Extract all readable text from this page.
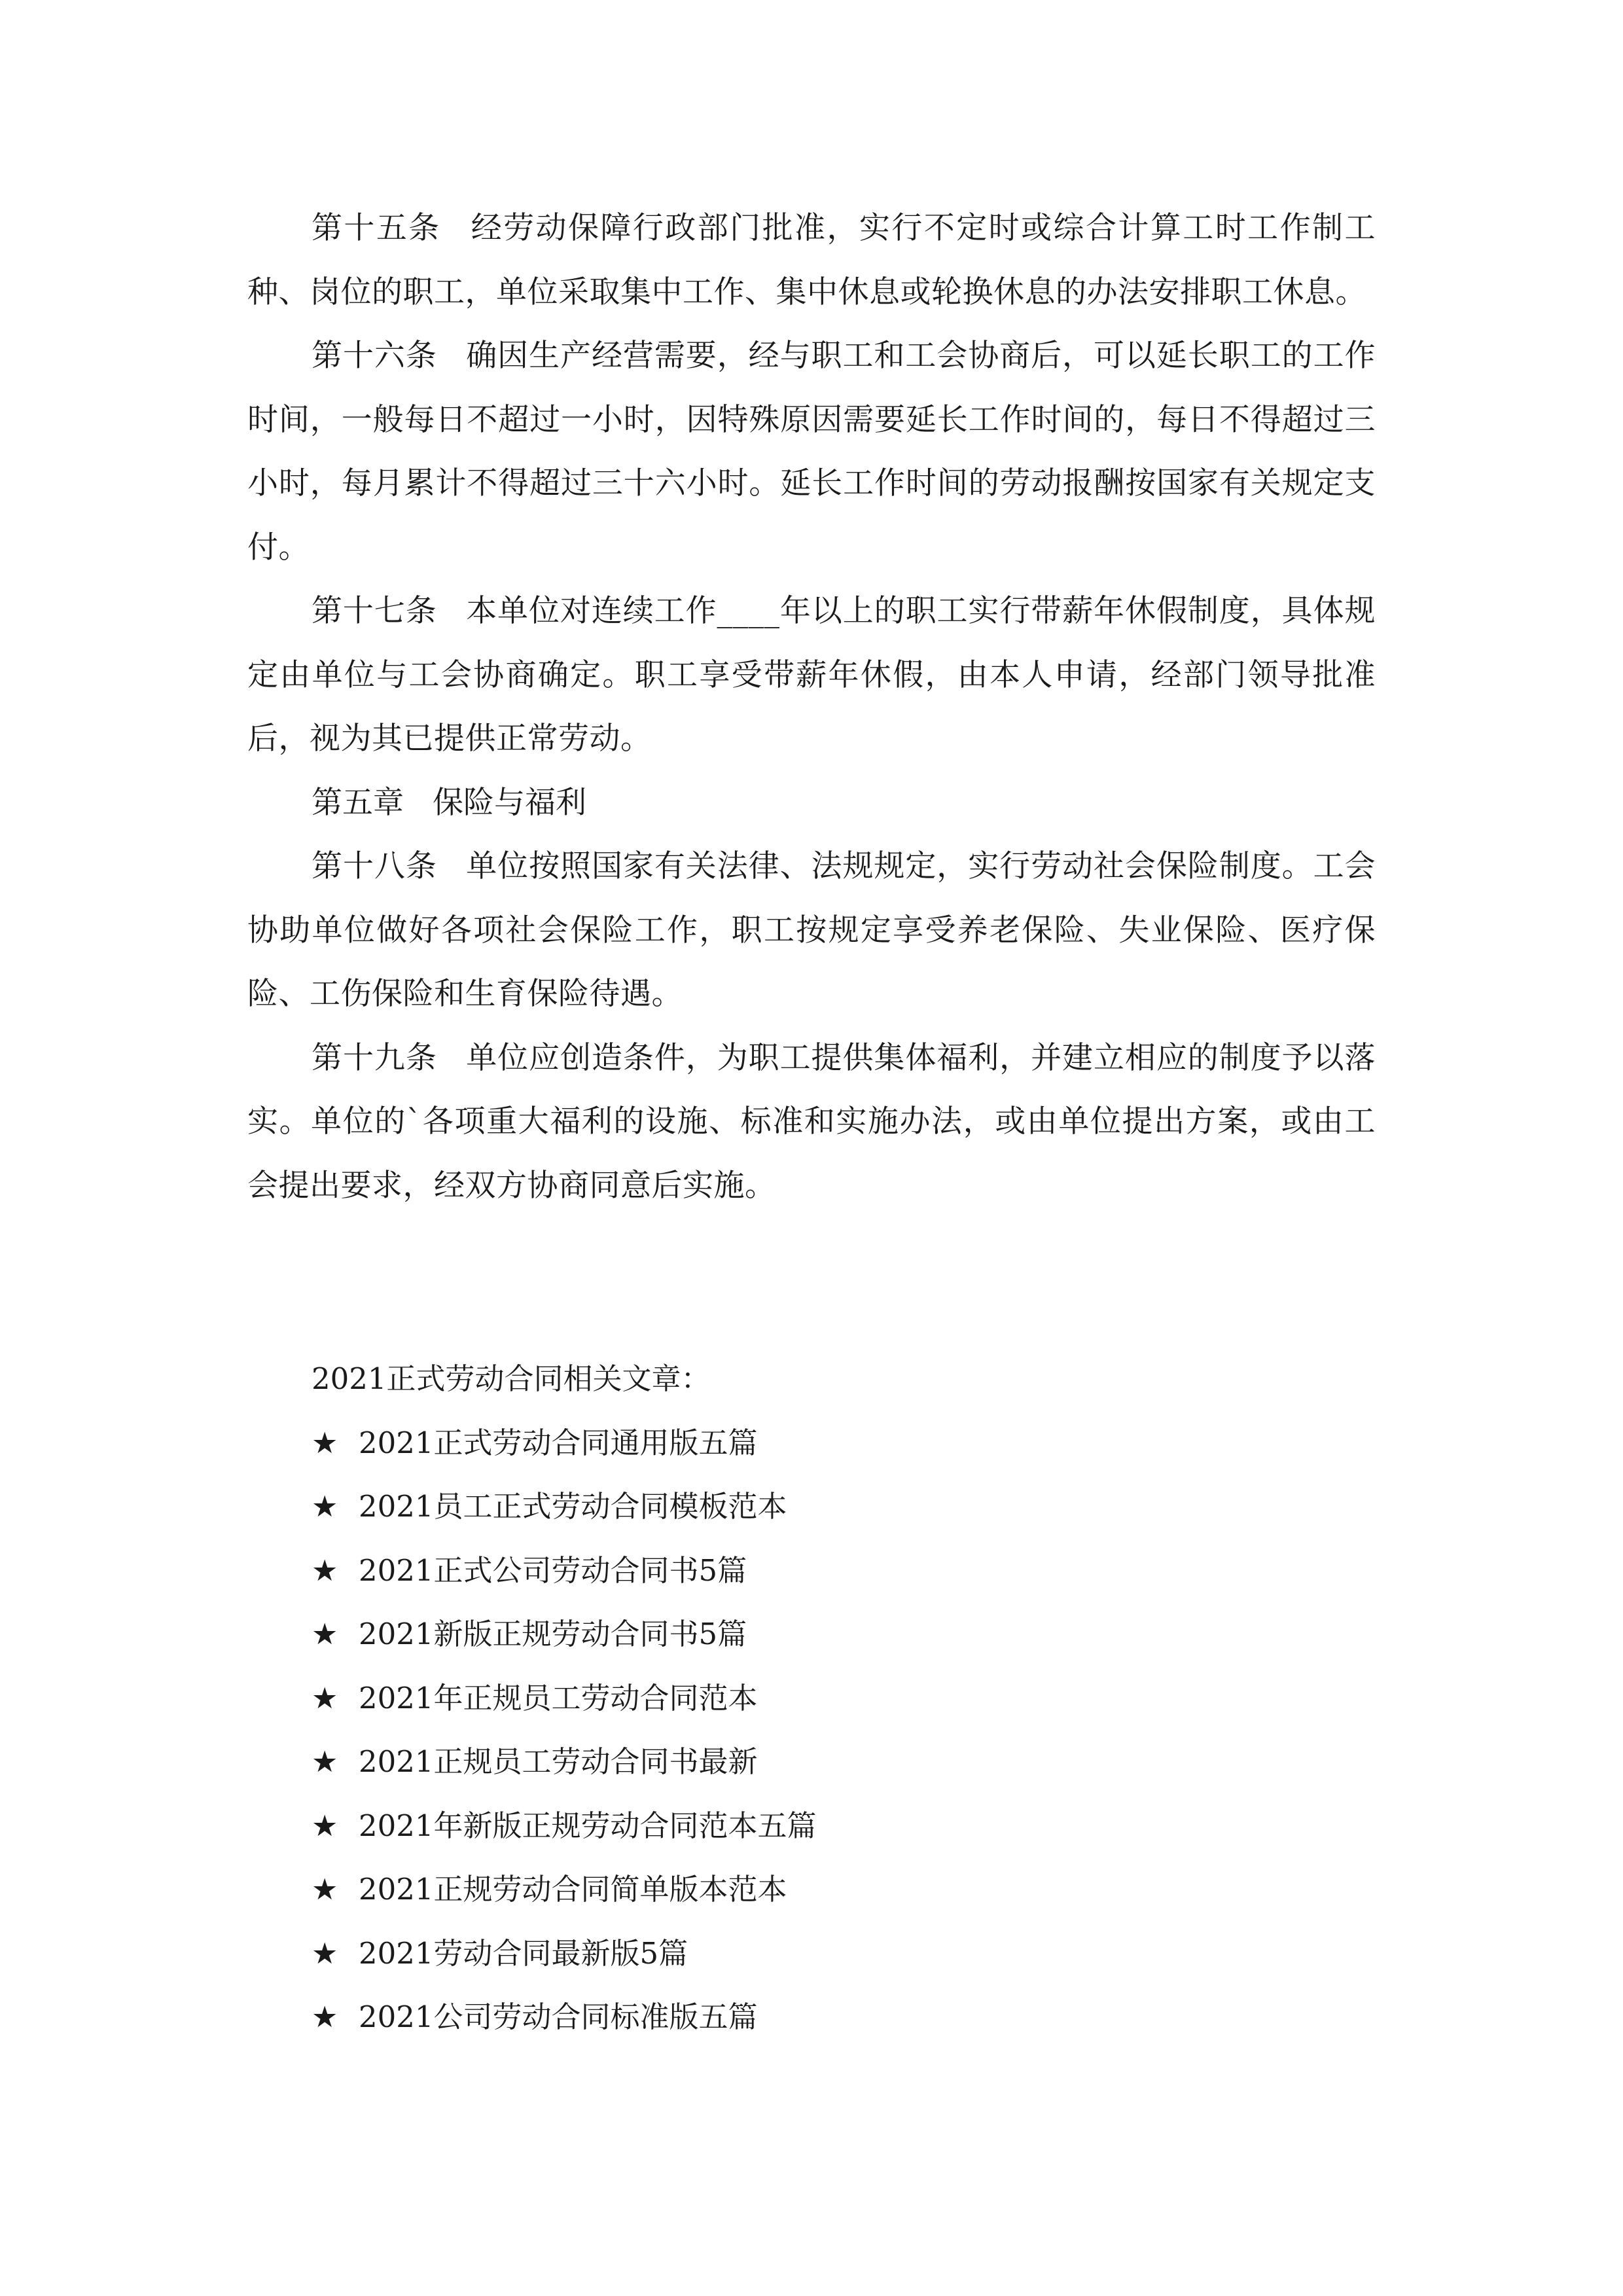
第十五条 经劳动保障行政部门批准，实行不定时或综合计算工时工作制工种、岗位的职工，单位采取集中工作、集中休息或轮换休息的办法安排职工休息。

第十六条 确因生产经营需要，经与职工和工会协商后，可以延长职工的工作时间，一般每日不超过一小时，因特殊原因需要延长工作时间的，每日不得超过三小时，每月累计不得超过三十六小时。延长工作时间的劳动报酬按国家有关规定支付。

第十七条 本单位对连续工作____年以上的职工实行带薪年休假制度，具体规定由单位与工会协商确定。职工享受带薪年休假，由本人申请，经部门领导批准后，视为其已提供正常劳动。

第五章 保险与福利

第十八条 单位按照国家有关法律、法规规定，实行劳动社会保险制度。工会协助单位做好各项社会保险工作，职工按规定享受养老保险、失业保险、医疗保险、工伤保险和生育保险待遇。

第十九条 单位应创造条件，为职工提供集体福利，并建立相应的制度予以落实。单位的`各项重大福利的设施、标准和实施办法，或由单位提出方案，或由工会提出要求，经双方协商同意后实施。

2021正式劳动合同相关文章：

★ 2021正式劳动合同通用版五篇
★ 2021员工正式劳动合同模板范本
★ 2021正式公司劳动合同书5篇
★ 2021新版正规劳动合同书5篇
★ 2021年正规员工劳动合同范本
★ 2021正规员工劳动合同书最新
★ 2021年新版正规劳动合同范本五篇
★ 2021正规劳动合同简单版本范本
★ 2021劳动合同最新版5篇
★ 2021公司劳动合同标准版五篇
